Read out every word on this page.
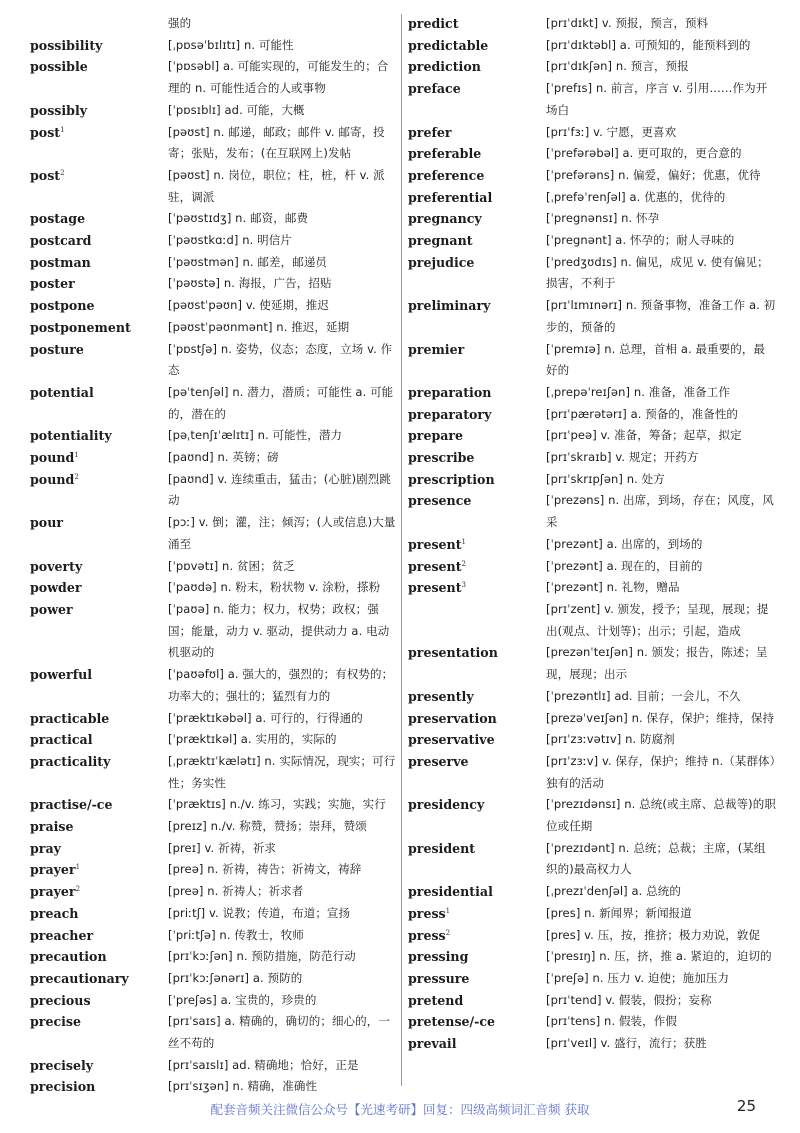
强的
possibility	[ˌpɒsəˈbɪlɪtɪ] n. 可能性
possible	[ˈpɒsəbl] a. 可能实现的，可能发生的；合理的 n. 可能性适合的人或事物
possibly	[ˈpɒsɪblɪ] ad. 可能，大概
post$^1$	[pəʊst] n. 邮递，邮政；邮件 v. 邮寄，投寄；张贴，发布；(在互联网上)发帖
post$^2$	[pəʊst] n. 岗位，职位；柱，桩，杆 v. 派驻，调派
postage	[ˈpəʊstɪdʒ] n. 邮资，邮费
postcard	[ˈpəʊstkɑːd] n. 明信片
postman	[ˈpəʊstmən] n. 邮差，邮递员
poster	[ˈpəʊstə] n. 海报，广告，招贴
postpone	[pəʊstˈpəʊn] v. 使延期，推迟
postponement	[pəʊstˈpəʊnmənt] n. 推迟，延期
posture	[ˈpɒstʃə] n. 姿势，仪态；态度，立场 v. 作态
potential	[pəˈtenʃəl] n. 潜力，潜质；可能性 a. 可能的，潜在的
potentiality	[pəˌtenʃɪˈælɪtɪ] n. 可能性，潜力
pound$^1$	[paʊnd] n. 英镑；磅
pound$^2$	[paʊnd] v. 连续重击，猛击；(心脏)剧烈跳动
pour	[pɔː] v. 倒；灌，注；倾泻；(人或信息)大量涌至
poverty	[ˈpɒvətɪ] n. 贫困；贫乏
powder	[ˈpaʊdə] n. 粉末，粉状物 v. 涂粉，搽粉
power	[ˈpaʊə] n. 能力；权力，权势；政权；强国；能量，动力 v. 驱动，提供动力 a. 电动机驱动的
powerful	[ˈpaʊəfʊl] a. 强大的，强烈的；有权势的；功率大的；强壮的；猛烈有力的
practicable	[ˈpræktɪkəbəl] a. 可行的，行得通的
practical	[ˈpræktɪkəl] a. 实用的，实际的
practicality	[ˌpræktɪˈkælətɪ] n. 实际情况，现实；可行性；务实性
practise/-ce	[ˈpræktɪs] n./v. 练习，实践；实施，实行
praise	[preɪz] n./v. 称赞，赞扬；崇拜，赞颂
pray	[preɪ] v. 祈祷，祈求
prayer$^1$	[preə] n. 祈祷，祷告；祈祷文，祷辞
prayer$^2$	[preə] n. 祈祷人；祈求者
preach	[priːtʃ] v. 说教；传道，布道；宣扬
preacher	[ˈpriːtʃə] n. 传教士，牧师
precaution	[prɪˈkɔːʃən] n. 预防措施，防范行动
precautionary	[prɪˈkɔːʃənərɪ] a. 预防的
precious	[ˈpreʃəs] a. 宝贵的，珍贵的
precise	[prɪˈsaɪs] a. 精确的，确切的；细心的，一丝不苟的
precisely	[prɪˈsaɪslɪ] ad. 精确地；恰好，正是
precision	[prɪˈsɪʒən] n. 精确，准确性
predict	[prɪˈdɪkt] v. 预报，预言，预料
predictable	[prɪˈdɪktəbl] a. 可预知的，能预料到的
prediction	[prɪˈdɪkʃən] n. 预言，预报
preface	[ˈprefɪs] n. 前言，序言 v. 引用……作为开场白
prefer	[prɪˈfɜː] v. 宁愿，更喜欢
preferable	[ˈprefərəbəl] a. 更可取的，更合意的
preference	[ˈprefərəns] n. 偏爱，偏好；优惠，优待
preferential	[ˌprefəˈrenʃəl] a. 优惠的，优待的
pregnancy	[ˈpregnənsɪ] n. 怀孕
pregnant	[ˈpregnənt] a. 怀孕的；耐人寻味的
prejudice	[ˈpredʒʊdɪs] n. 偏见，成见 v. 使有偏见；损害，不利于
preliminary	[prɪˈlɪmɪnərɪ] n. 预备事物，准备工作 a. 初步的，预备的
premier	[ˈpremɪə] n. 总理，首相 a. 最重要的，最好的
preparation	[ˌprepəˈreɪʃən] n. 准备，准备工作
preparatory	[prɪˈpærətərɪ] a. 预备的，准备性的
prepare	[prɪˈpeə] v. 准备，筹备；起草，拟定
prescribe	[prɪˈskraɪb] v. 规定；开药方
prescription	[prɪˈskrɪpʃən] n. 处方
presence	[ˈprezəns] n. 出席，到场，存在；风度，风采
present$^1$	[ˈprezənt] a. 出席的，到场的
present$^2$	[ˈprezənt] a. 现在的，目前的
present$^3$	[ˈprezənt] n. 礼物，赠品
[prɪˈzent] v. 颁发，授予；呈现，展现；提出(观点、计划等)；出示；引起，造成
presentation	[prezənˈteɪʃən] n. 颁发；报告，陈述；呈现，展现；出示
presently	[ˈprezəntlɪ] ad. 目前；一会儿，不久
preservation	[prezəˈveɪʃən] n. 保存，保护；维持，保持
preservative	[prɪˈzɜːvətɪv] n. 防腐剂
preserve	[prɪˈzɜːv] v. 保存，保护；维持 n.（某群体）独有的活动
presidency	[ˈprezɪdənsɪ] n. 总统(或主席、总裁等)的职位或任期
president	[ˈprezɪdənt] n. 总统；总裁；主席，(某组织的)最高权力人
presidential	[ˌprezɪˈdenʃəl] a. 总统的
press$^1$	[pres] n. 新闻界；新闻报道
press$^2$	[pres] v. 压，按，推挤；极力劝说，敦促
pressing	[ˈpresɪŋ] n. 压，挤，推 a. 紧迫的，迫切的
pressure	[ˈpreʃə] n. 压力 v. 迫使；施加压力
pretend	[prɪˈtend] v. 假装，假扮；妄称
pretense/-ce	[prɪˈtens] n. 假装，作假
prevail	[prɪˈveɪl] v. 盛行，流行；获胜
配套音频关注微信公众号【光速考研】回复：四级高频词汇音频 获取	25
